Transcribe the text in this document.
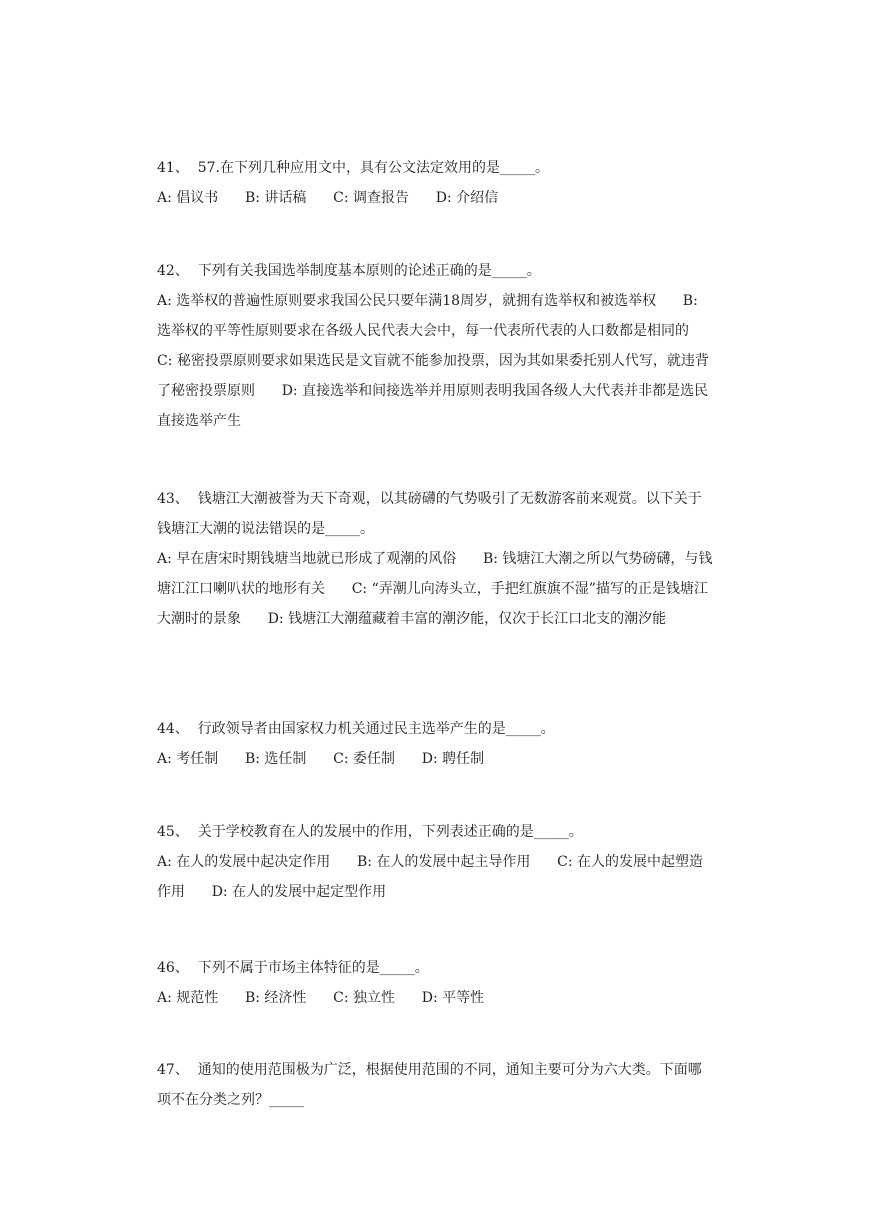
41、  57.在下列几种应用文中，具有公文法定效用的是_____。

A: 倡议书      B: 讲话稿      C: 调查报告      D: 介绍信

42、  下列有关我国选举制度基本原则的论述正确的是_____。

A: 选举权的普遍性原则要求我国公民只要年满18周岁，就拥有选举权和被选举权      B: 选举权的平等性原则要求在各级人民代表大会中，每一代表所代表的人口数都是相同的      C: 秘密投票原则要求如果选民是文盲就不能参加投票，因为其如果委托别人代写，就违背了秘密投票原则      D: 直接选举和间接选举并用原则表明我国各级人大代表并非都是选民直接选举产生

43、  钱塘江大潮被誉为天下奇观，以其磅礴的气势吸引了无数游客前来观赏。以下关于钱塘江大潮的说法错误的是_____。

A: 早在唐宋时期钱塘当地就已形成了观潮的风俗      B: 钱塘江大潮之所以气势磅礴，与钱塘江江口喇叭状的地形有关      C: “弄潮儿向涛头立，手把红旗旗不湿”描写的正是钱塘江大潮时的景象      D: 钱塘江大潮蕴藏着丰富的潮汐能，仅次于长江口北支的潮汐能

44、  行政领导者由国家权力机关通过民主选举产生的是_____。

A: 考任制      B: 选任制      C: 委任制      D: 聘任制

45、  关于学校教育在人的发展中的作用，下列表述正确的是_____。

A: 在人的发展中起决定作用      B: 在人的发展中起主导作用      C: 在人的发展中起塑造作用      D: 在人的发展中起定型作用

46、  下列不属于市场主体特征的是_____。

A: 规范性      B: 经济性      C: 独立性      D: 平等性

47、  通知的使用范围极为广泛，根据使用范围的不同，通知主要可分为六大类。下面哪项不在分类之列？_____
